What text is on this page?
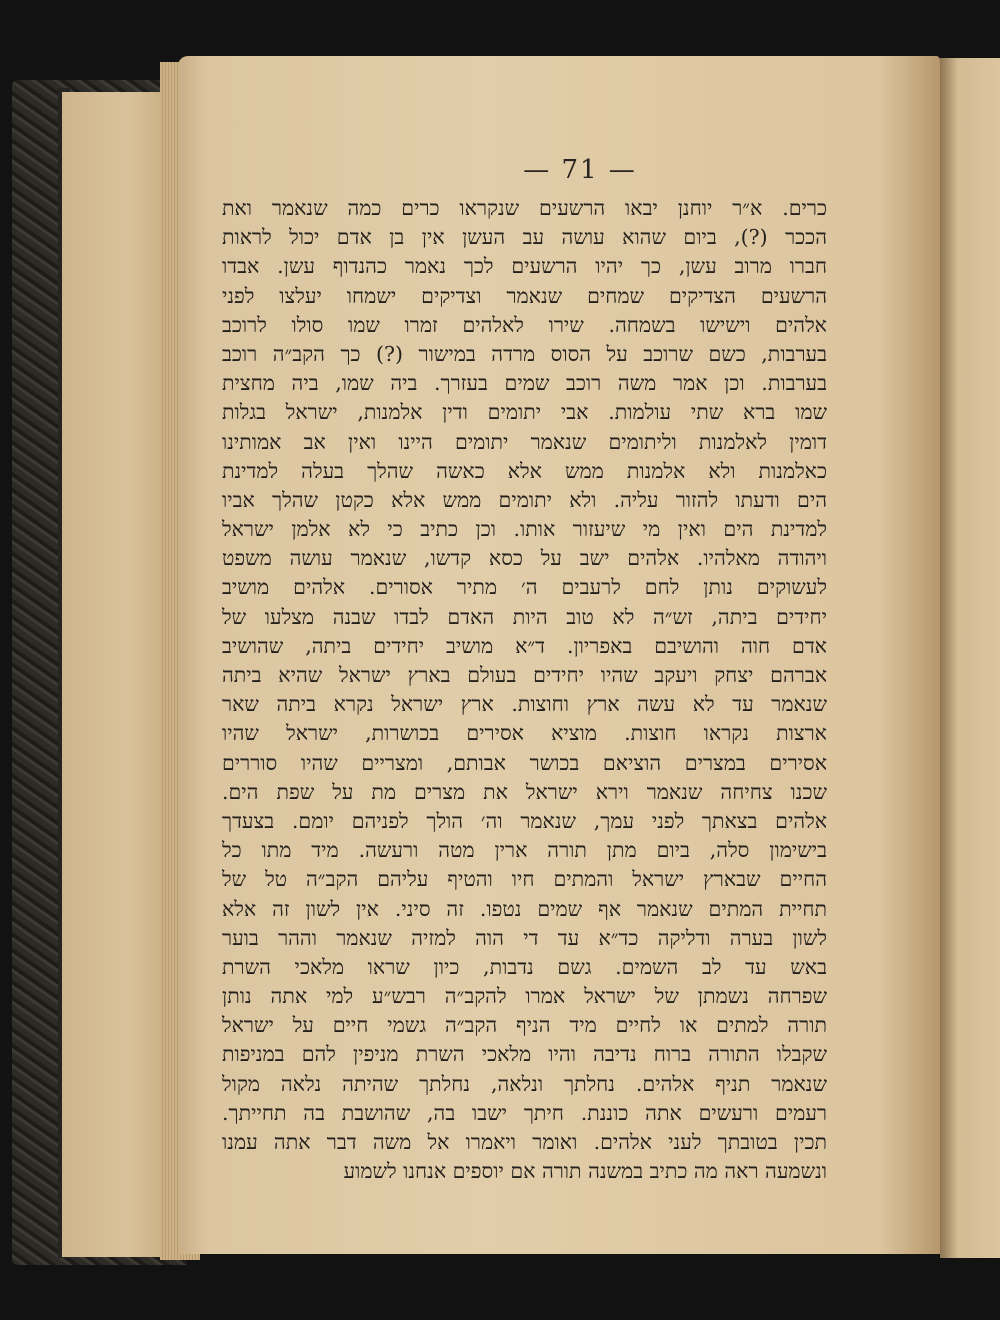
— 71 —
כרים. א״ר יוחנן יבאו הרשעים שנקראו כרים כמה שנאמר ואת
הככר (?), ביום שהוא עושה עב העשן אין בן אדם יכול לראות
חברו מרוב עשן, כך יהיו הרשעים לכך נאמר כהנדוף עשן. אבדו
הרשעים הצדיקים שמחים שנאמר וצדיקים ישמחו יעלצו לפני
אלהים וישישו בשמחה. שירו לאלהים זמרו שמו סולו לרוכב
בערבות, כשם שרוכב על הסוס מרדה במישור (?) כך הקב״ה רוכב
בערבות. וכן אמר משה רוכב שמים בעזרך. ביה שמו, ביה מחצית
שמו ברא שתי עולמות. אבי יתומים ודין אלמנות, ישראל בגלות
דומין לאלמנות וליתומים שנאמר יתומים היינו ואין אב אמותינו
כאלמנות ולא אלמנות ממש אלא כאשה שהלך בעלה למדינת
הים ודעתו להזור עליה. ולא יתומים ממש אלא כקטן שהלך אביו
למדינת הים ואין מי שיעזור אותו. וכן כתיב כי לא אלמן ישראל
ויהודה מאלהיו. אלהים ישב על כסא קדשו, שנאמר עושה משפט
לעשוקים נותן לחם לרעבים ה׳ מתיר אסורים. אלהים מושיב
יחידים ביתה, זש״ה לא טוב היות האדם לבדו שבנה מצלעו של
אדם חוה והושיבם באפריון. ד״א מושיב יחידים ביתה, שהושיב
אברהם יצחק ויעקב שהיו יחידים בעולם בארץ ישראל שהיא ביתה
שנאמר עד לא עשה ארץ וחוצות. ארץ ישראל נקרא ביתה שאר
ארצות נקראו חוצות. מוציא אסירים בכושרות, ישראל שהיו
אסירים במצרים הוציאם בכושר אבותם, ומצריים שהיו סוררים
שכנו צחיחה שנאמר וירא ישראל את מצרים מת על שפת הים.
אלהים בצאתך לפני עמך, שנאמר וה׳ הולך לפניהם יומם. בצעדך
בישימון סלה, ביום מתן תורה ארין מטה ורעשה. מיד מתו כל
החיים שבארץ ישראל והמתים חיו והטיף עליהם הקב״ה טל של
תחיית המתים שנאמר אף שמים נטפו. זה סיני. אין לשון זה אלא
לשון בערה ודליקה כד״א עד די הוה למזיה שנאמר וההר בוער
באש עד לב השמים. גשם נדבות, כיון שראו מלאכי השרת
שפרחה נשמתן של ישראל אמרו להקב״ה רבש״ע למי אתה נותן
תורה למתים או לחיים מיד הניף הקב״ה גשמי חיים על ישראל
שקבלו התורה ברוח נדיבה והיו מלאכי השרת מניפין להם במניפות
שנאמר תניף אלהים. נחלתך ונלאה, נחלתך שהיתה נלאה מקול
רעמים ורעשים אתה כוננת. חיתך ישבו בה, שהושבת בה תחייתך.
תכין בטובתך לעני אלהים. ואומר ויאמרו אל משה דבר אתה עמנו
ונשמעה ראה מה כתיב במשנה תורה אם יוספים אנחנו לשמוע
